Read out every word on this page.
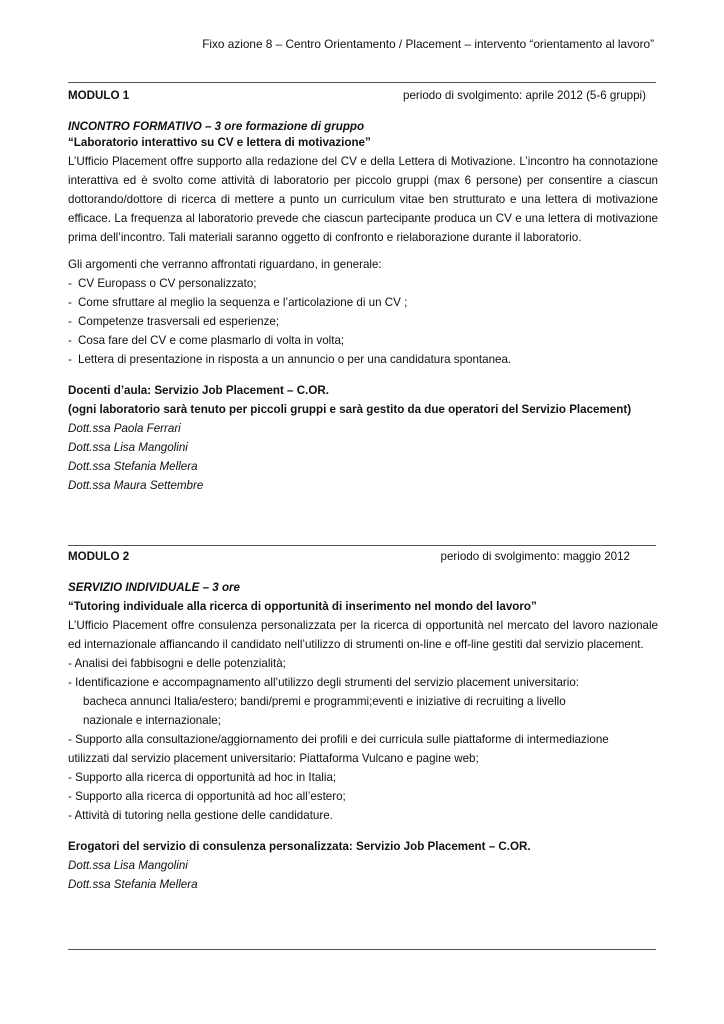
Fixo azione 8 – Centro Orientamento / Placement – intervento “orientamento al lavoro”
MODULO 1	periodo di svolgimento: aprile 2012 (5-6 gruppi)
INCONTRO FORMATIVO – 3 ore formazione di gruppo
“Laboratorio interattivo su CV e lettera di motivazione”
L’Ufficio Placement offre supporto alla redazione del CV e della Lettera di Motivazione. L’incontro ha connotazione interattiva ed è svolto come attività di laboratorio per piccolo gruppi (max 6 persone) per consentire a ciascun dottorando/dottore di ricerca di mettere a punto un curriculum vitae ben strutturato e una lettera di motivazione efficace. La frequenza al laboratorio prevede che ciascun partecipante produca un CV e una lettera di motivazione prima dell’incontro. Tali materiali saranno oggetto di confronto e rielaborazione durante il laboratorio.
Gli argomenti che verranno affrontati riguardano, in generale:
- CV Europass o CV personalizzato;
- Come sfruttare al meglio la sequenza e l’articolazione di un CV ;
- Competenze trasversali ed esperienze;
- Cosa fare del CV e come plasmarlo di volta in volta;
- Lettera di presentazione in risposta a un annuncio o per una candidatura spontanea.
Docenti d’aula: Servizio Job Placement – C.OR.
(ogni laboratorio sarà tenuto per piccoli gruppi e sarà gestito da due operatori del Servizio Placement)
Dott.ssa Paola Ferrari
Dott.ssa Lisa Mangolini
Dott.ssa Stefania Mellera
Dott.ssa Maura Settembre
MODULO 2	periodo di svolgimento: maggio 2012
SERVIZIO INDIVIDUALE – 3 ore
“Tutoring individuale alla ricerca di opportunità di inserimento nel mondo del lavoro”
L’Ufficio Placement offre consulenza personalizzata per la ricerca di opportunità nel mercato del lavoro nazionale ed internazionale affiancando il candidato nell’utilizzo di strumenti on-line e off-line gestiti dal servizio placement.
- Analisi dei fabbisogni e delle potenzialità;
- Identificazione e accompagnamento all’utilizzo degli strumenti del servizio placement universitario:
bacheca annunci Italia/estero; bandi/premi e programmi;eventi e iniziative di recruiting a livello
nazionale e internazionale;
- Supporto alla consultazione/aggiornamento dei profili e dei curricula sulle piattaforme di intermediazione
utilizzati dal servizio placement universitario: Piattaforma Vulcano e pagine web;
- Supporto alla ricerca di opportunità ad hoc in Italia;
- Supporto alla ricerca di opportunità ad hoc all’estero;
- Attività di tutoring nella gestione delle candidature.
Erogatori del servizio di consulenza personalizzata: Servizio Job Placement – C.OR.
Dott.ssa Lisa Mangolini
Dott.ssa Stefania Mellera
